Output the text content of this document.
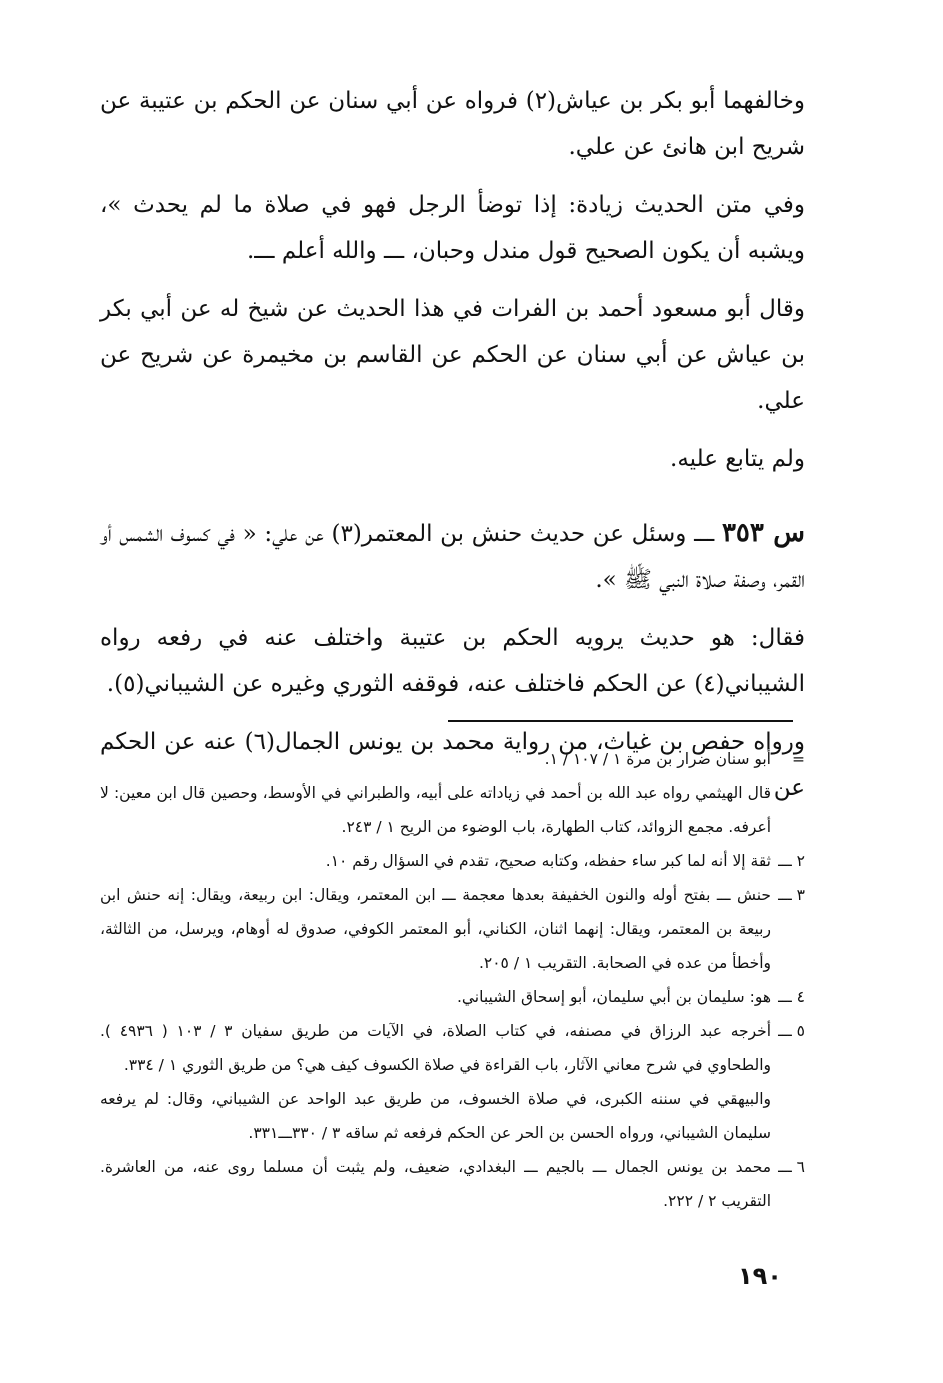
وخالفهما أبو بكر بن عياش(٢) فرواه عن أبي سنان عن الحكم بن عتيبة عن شريح ابن هانئ عن علي.

وفي متن الحديث زيادة: إذا توضأ الرجل فهو في صلاة ما لم يحدث »، ويشبه أن يكون الصحيح قول مندل وحبان، ـــ والله أعلم ـــ.

وقال أبو مسعود أحمد بن الفرات في هذا الحديث عن شيخ له عن أبي بكر بن عياش عن أبي سنان عن الحكم عن القاسم بن مخيمرة عن شريح عن علي.

ولم يتابع عليه.

س ٣٥٣ ـــ وسئل عن حديث حنش بن المعتمر(٣) عن علي: « في كسوف الشمس أو القمر، وصفة صلاة النبي ﷺ ».

فقال: هو حديث يرويه الحكم بن عتيبة واختلف عنه في رفعه رواه الشيباني(٤) عن الحكم فاختلف عنه، فوقفه الثوري وغيره عن الشيباني(٥).

ورواه حفص بن غياث، من رواية محمد بن يونس الجمال(٦) عنه عن الحكم عن

=
أبو سنان ضرار بن مرة ١ / ١٠٧ / ١.

قال الهيثمي رواه عبد الله بن أحمد في زياداته على أبيه، والطبراني في الأوسط، وحصين قال ابن معين: لا أعرفه. مجمع الزوائد، كتاب الطهارة، باب الوضوء من الريح ١ / ٢٤٣.

٢ ـــ
ثقة إلا أنه لما كبر ساء حفظه، وكتابه صحيح، تقدم في السؤال رقم ١٠.

٣ ـــ
حنش ـــ بفتح أوله والنون الخفيفة بعدها معجمة ـــ ابن المعتمر، ويقال: ابن ربيعة، ويقال: إنه حنش ابن ربيعة بن المعتمر، ويقال: إنهما اثنان، الكناني، أبو المعتمر الكوفي، صدوق له أوهام، ويرسل، من الثالثة، وأخطأ من عده في الصحابة. التقريب ١ / ٢٠٥.

٤ ـــ
هو: سليمان بن أبي سليمان، أبو إسحاق الشيباني.

٥ ـــ
أخرجه عبد الرزاق في مصنفه، في كتاب الصلاة، في الآيات من طريق سفيان ٣ / ١٠٣ ( ٤٩٣٦ ). والطحاوي في شرح معاني الآثار، باب القراءة في صلاة الكسوف كيف هي؟ من طريق الثوري ١ / ٣٣٤.

والبيهقي في سننه الكبرى، في صلاة الخسوف، من طريق عبد الواحد عن الشيباني، وقال: لم يرفعه سليمان الشيباني، ورواه الحسن بن الحر عن الحكم فرفعه ثم ساقه ٣ / ٣٣٠ـــ٣٣١.

٦ ـــ
محمد بن يونس الجمال ـــ بالجيم ـــ البغدادي، ضعيف، ولم يثبت أن مسلما روى عنه، من العاشرة. التقريب ٢ / ٢٢٢.

١٩٠
